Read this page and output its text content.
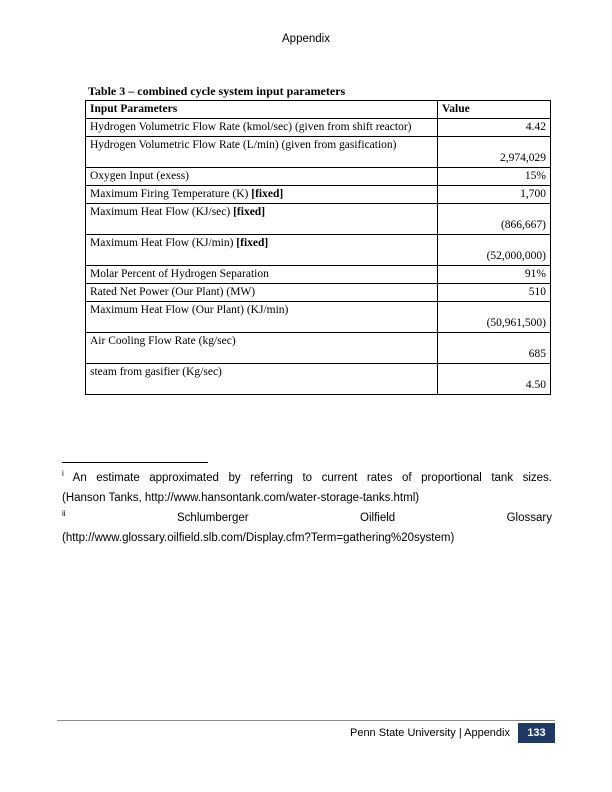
Appendix
Table 3 – combined cycle system input parameters
Input Parameters	Value
Hydrogen Volumetric Flow Rate (kmol/sec) (given from shift reactor)	4.42
Hydrogen Volumetric Flow Rate (L/min) (given from gasification)	2,974,029
Oxygen Input (exess)	15%
Maximum Firing Temperature (K) [fixed]	1,700
Maximum Heat Flow (KJ/sec) [fixed]	(866,667)
Maximum Heat Flow (KJ/min) [fixed]	(52,000,000)
Molar Percent of Hydrogen Separation	91%
Rated Net Power (Our Plant) (MW)	510
Maximum Heat Flow (Our Plant) (KJ/min)	(50,961,500)
Air Cooling Flow Rate (kg/sec)	685
steam from gasifier (Kg/sec)	4.50
$^i$ An estimate approximated by referring to current rates of proportional tank sizes.
(Hanson Tanks, http://www.hansontank.com/water-storage-tanks.html)
$^{ii}$	Schlumberger Oilfield Glossary
(http://www.glossary.oilfield.slb.com/Display.cfm?Term=gathering%20system)
Penn State University | Appendix	133
